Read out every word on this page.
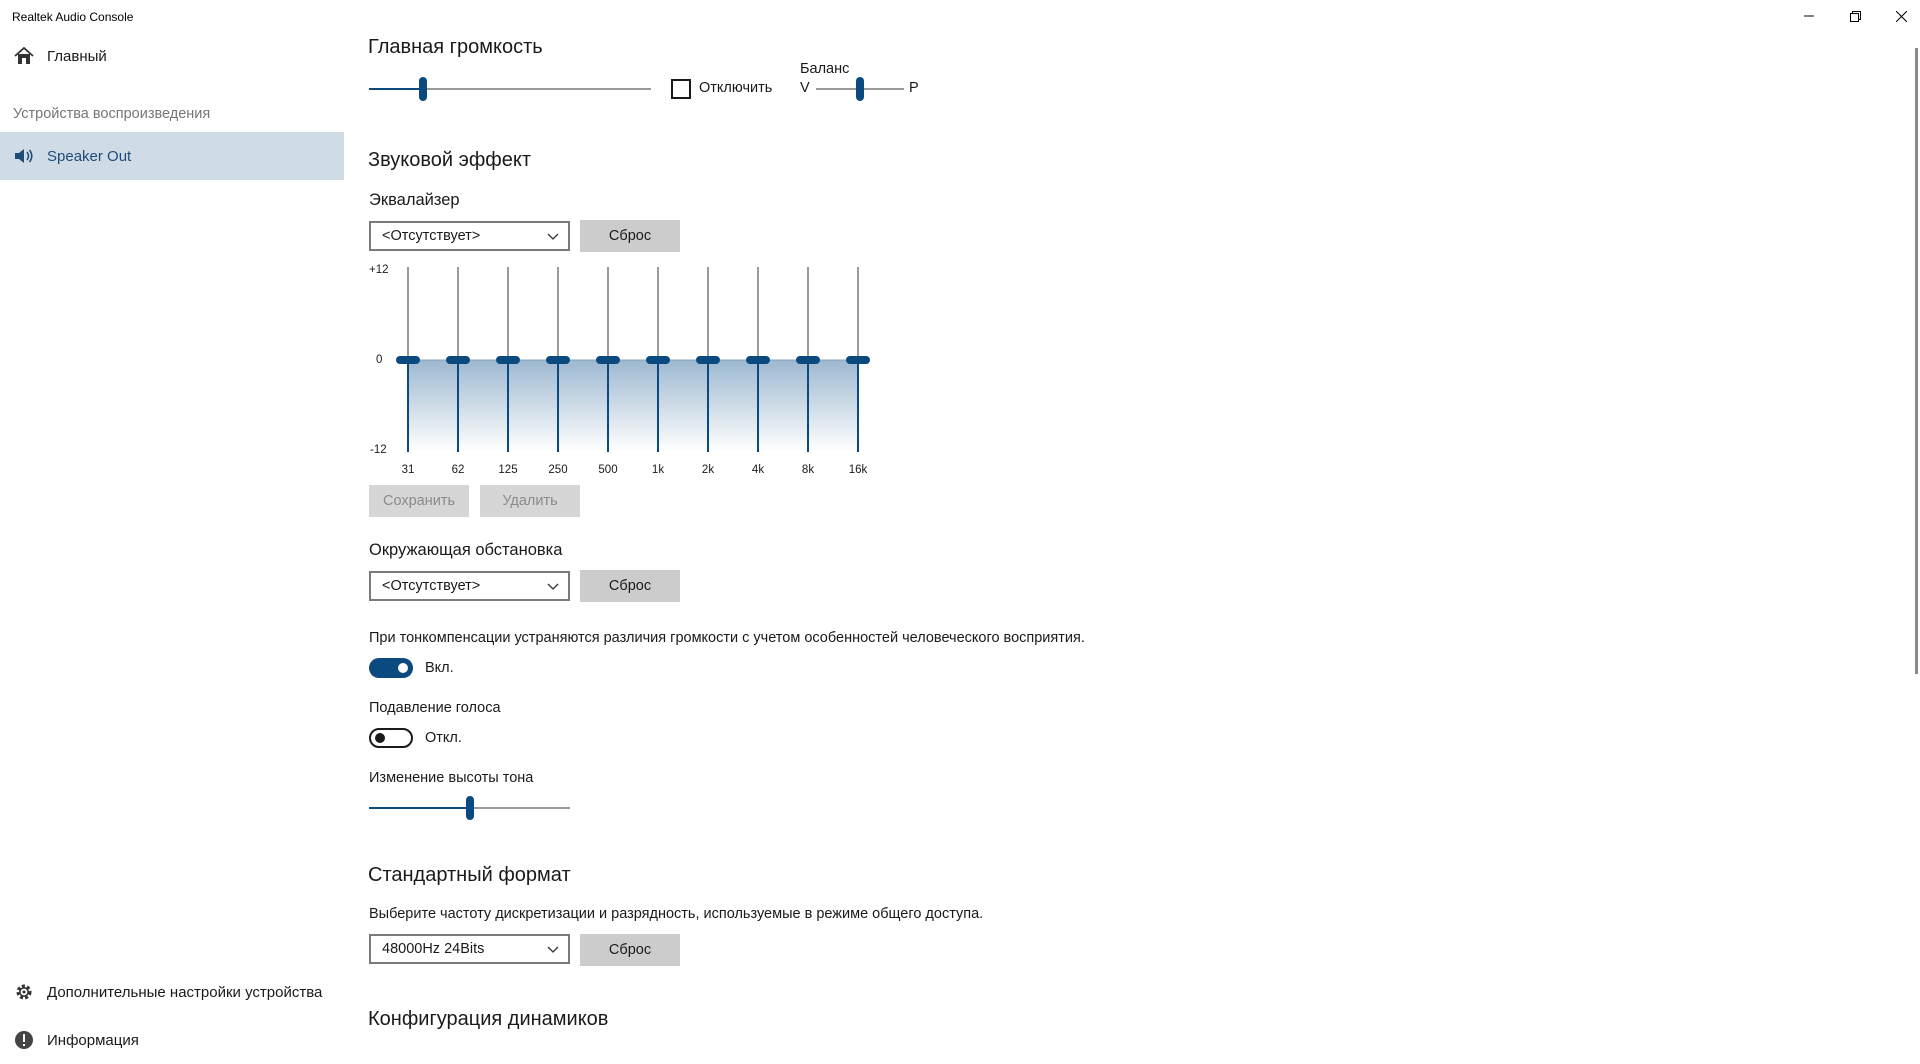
Realtek Audio Console
Главный
Устройства воспроизведения
Speaker Out
Дополнительные настройки устройства
Информация
Главная громкость
Отключить
Баланс
V	P
Звуковой эффект
Эквалайзер
<Отсутствует>	Сброс
+12
0
-12
31	62	125	250	500	1k	2k	4k	8k	16k
Сохранить	Удалить
Окружающая обстановка
<Отсутствует>	Сброс
При тонкомпенсации устраняются различия громкости с учетом особенностей человеческого восприятия.
Вкл.
Подавление голоса
Откл.
Изменение высоты тона
Стандартный формат
Выберите частоту дискретизации и разрядность, используемые в режиме общего доступа.
48000Hz 24Bits	Сброс
Конфигурация динамиков
